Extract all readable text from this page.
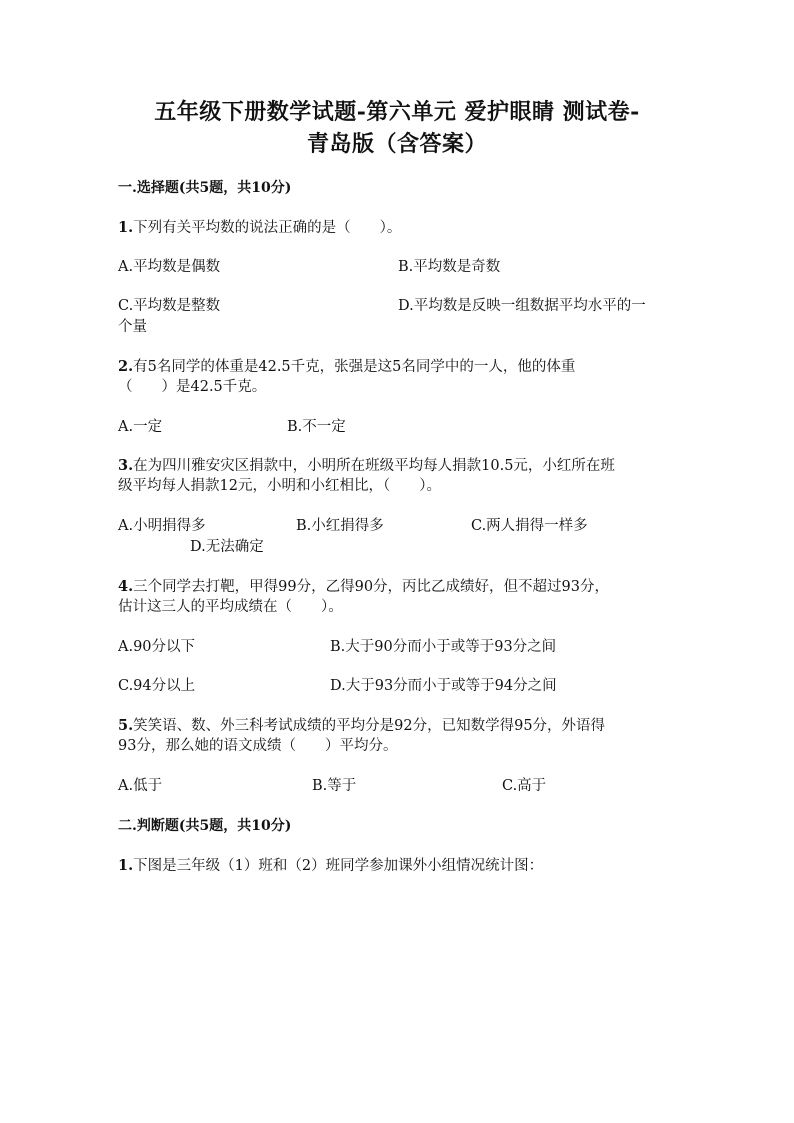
五年级下册数学试题-第六单元 爱护眼睛 测试卷-
青岛版（含答案）
一.选择题(共5题，共10分)
1.下列有关平均数的说法正确的是（　　）。
A.平均数是偶数	B.平均数是奇数
C.平均数是整数	D.平均数是反映一组数据平均水平的一
个量
2.有5名同学的体重是42.5千克，张强是这5名同学中的一人，他的体重
（　　）是42.5千克。
A.一定	B.不一定
3.在为四川雅安灾区捐款中，小明所在班级平均每人捐款10.5元，小红所在班
级平均每人捐款12元，小明和小红相比，（　　）。
A.小明捐得多	B.小红捐得多	C.两人捐得一样多
D.无法确定
4.三个同学去打靶，甲得99分，乙得90分，丙比乙成绩好，但不超过93分，
估计这三人的平均成绩在（　　）。
A.90分以下	B.大于90分而小于或等于93分之间
C.94分以上	D.大于93分而小于或等于94分之间
5.笑笑语、数、外三科考试成绩的平均分是92分，已知数学得95分，外语得
93分，那么她的语文成绩（　　）平均分。
A.低于	B.等于	C.高于
二.判断题(共5题，共10分)
1.下图是三年级（1）班和（2）班同学参加课外小组情况统计图：
